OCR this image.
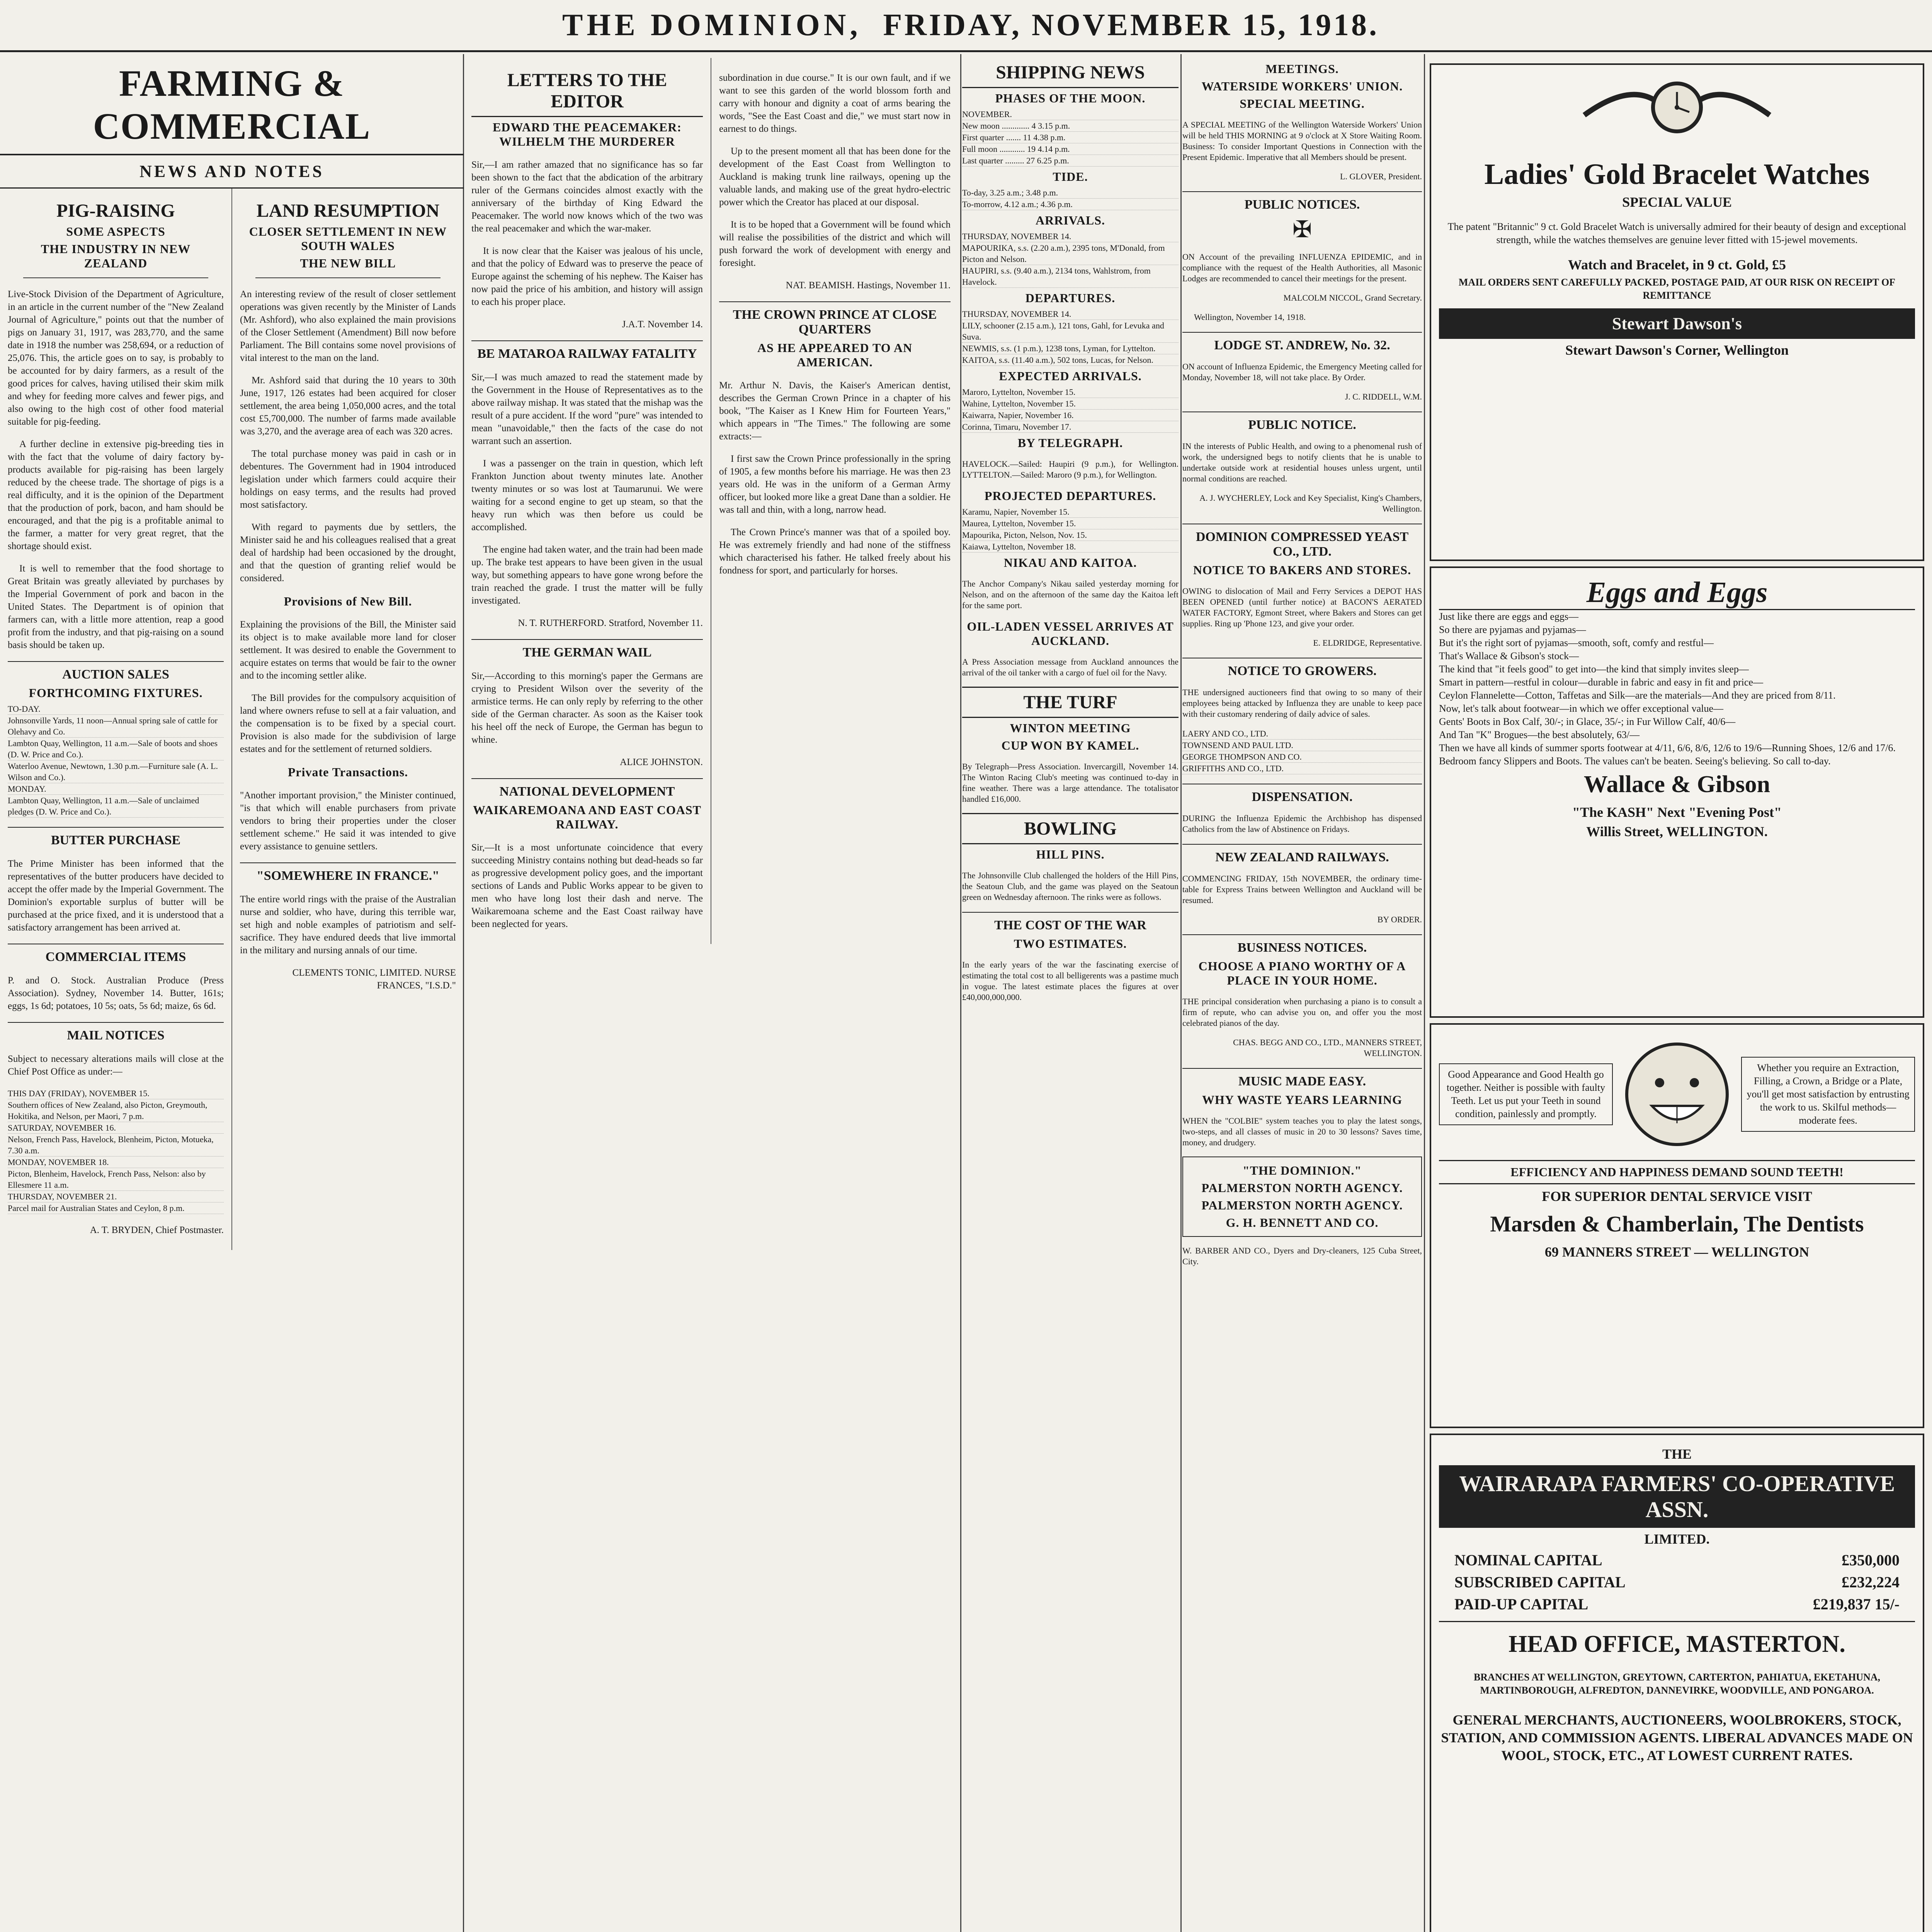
THE DOMINION, FRIDAY, NOVEMBER 15, 1918.
FARMING & COMMERCIAL
NEWS AND NOTES
PIG-RAISING
SOME ASPECTS
THE INDUSTRY IN NEW ZEALAND

Live-Stock Division of the Department of Agriculture, in an article in the current number of the "New Zealand Journal of Agriculture," points out that the number of pigs on January 31, 1917, was 283,770, and the same date in 1918 the number was 258,694, or a reduction of 25,076. This, the article goes on to say, is probably to be accounted for by dairy farmers, as a result of the good prices for calves, having utilised their skim milk and whey for feeding more calves and fewer pigs, and also owing to the high cost of other food material suitable for pig-feeding.

A further decline in extensive pig-breeding ties in with the fact that the volume of dairy factory by-products available for pig-raising has been largely reduced by the cheese trade. The shortage of pigs is a real difficulty, and it is the opinion of the Department that the production of pork, bacon, and ham should be encouraged, and that the pig is a profitable animal to the farmer, a matter for very great regret, that the shortage should exist.

It is well to remember that the food shortage to Great Britain was greatly alleviated by purchases by the Imperial Government of pork and bacon in the United States. The Department is of opinion that farmers can, with a little more attention, reap a good profit from the industry, and that pig-raising on a sound basis should be taken up.

AUCTION SALES
FORTHCOMING FIXTURES.
TO-DAY.
Johnsonville Yards, 11 noon—Annual spring sale of cattle for Olehavy and Co.
Lambton Quay, Wellington, 11 a.m.—Sale of boots and shoes (D. W. Price and Co.).
Waterloo Avenue, Newtown, 1.30 p.m.—Furniture sale (A. L. Wilson and Co.).
MONDAY.
Lambton Quay, Wellington, 11 a.m.—Sale of unclaimed pledges (D. W. Price and Co.).
BUTTER PURCHASE

The Prime Minister has been informed that the representatives of the butter producers have decided to accept the offer made by the Imperial Government. The Dominion's exportable surplus of butter will be purchased at the price fixed, and it is understood that a satisfactory arrangement has been arrived at.

COMMERCIAL ITEMS

P. and O. Stock. Australian Produce (Press Association). Sydney, November 14. Butter, 161s; eggs, 1s 6d; potatoes, 10 5s; oats, 5s 6d; maize, 6s 6d.

MAIL NOTICES

Subject to necessary alterations mails will close at the Chief Post Office as under:—

THIS DAY (FRIDAY), NOVEMBER 15.
Southern offices of New Zealand, also Picton, Greymouth, Hokitika, and Nelson, per Maori, 7 p.m.
SATURDAY, NOVEMBER 16.
Nelson, French Pass, Havelock, Blenheim, Picton, Motueka, 7.30 a.m.
MONDAY, NOVEMBER 18.
Picton, Blenheim, Havelock, French Pass, Nelson: also by Ellesmere 11 a.m.
THURSDAY, NOVEMBER 21.
Parcel mail for Australian States and Ceylon, 8 p.m.

A. T. BRYDEN, Chief Postmaster.

LAND RESUMPTION
CLOSER SETTLEMENT IN NEW SOUTH WALES
THE NEW BILL

An interesting review of the result of closer settlement operations was given recently by the Minister of Lands (Mr. Ashford), who also explained the main provisions of the Closer Settlement (Amendment) Bill now before Parliament. The Bill contains some novel provisions of vital interest to the man on the land.

Mr. Ashford said that during the 10 years to 30th June, 1917, 126 estates had been acquired for closer settlement, the area being 1,050,000 acres, and the total cost £5,700,000. The number of farms made available was 3,270, and the average area of each was 320 acres.

The total purchase money was paid in cash or in debentures. The Government had in 1904 introduced legislation under which farmers could acquire their holdings on easy terms, and the results had proved most satisfactory.

With regard to payments due by settlers, the Minister said he and his colleagues realised that a great deal of hardship had been occasioned by the drought, and that the question of granting relief would be considered.

Provisions of New Bill.

Explaining the provisions of the Bill, the Minister said its object is to make available more land for closer settlement. It was desired to enable the Government to acquire estates on terms that would be fair to the owner and to the incoming settler alike.

The Bill provides for the compulsory acquisition of land where owners refuse to sell at a fair valuation, and the compensation is to be fixed by a special court. Provision is also made for the subdivision of large estates and for the settlement of returned soldiers.

Private Transactions.

"Another important provision," the Minister continued, "is that which will enable purchasers from private vendors to bring their properties under the closer settlement scheme." He said it was intended to give every assistance to genuine settlers.

"SOMEWHERE IN FRANCE."

The entire world rings with the praise of the Australian nurse and soldier, who have, during this terrible war, set high and noble examples of patriotism and self-sacrifice. They have endured deeds that live immortal in the military and nursing annals of our time.

CLEMENTS TONIC, LIMITED. NURSE FRANCES, "I.S.D."

LETTERS TO THE EDITOR
EDWARD THE PEACEMAKER: WILHELM THE MURDERER

Sir,—I am rather amazed that no significance has so far been shown to the fact that the abdication of the arbitrary ruler of the Germans coincides almost exactly with the anniversary of the birthday of King Edward the Peacemaker. The world now knows which of the two was the real peacemaker and which the war-maker.

It is now clear that the Kaiser was jealous of his uncle, and that the policy of Edward was to preserve the peace of Europe against the scheming of his nephew. The Kaiser has now paid the price of his ambition, and history will assign to each his proper place.

J.A.T. November 14.

BE MATAROA RAILWAY FATALITY

Sir,—I was much amazed to read the statement made by the Government in the House of Representatives as to the above railway mishap. It was stated that the mishap was the result of a pure accident. If the word "pure" was intended to mean "unavoidable," then the facts of the case do not warrant such an assertion.

I was a passenger on the train in question, which left Frankton Junction about twenty minutes late. Another twenty minutes or so was lost at Taumarunui. We were waiting for a second engine to get up steam, so that the heavy run which was then before us could be accomplished.

The engine had taken water, and the train had been made up. The brake test appears to have been given in the usual way, but something appears to have gone wrong before the train reached the grade. I trust the matter will be fully investigated.

N. T. RUTHERFORD. Stratford, November 11.

THE GERMAN WAIL

Sir,—According to this morning's paper the Germans are crying to President Wilson over the severity of the armistice terms. He can only reply by referring to the other side of the German character. As soon as the Kaiser took his heel off the neck of Europe, the German has begun to whine.

ALICE JOHNSTON.

NATIONAL DEVELOPMENT
WAIKAREMOANA AND EAST COAST RAILWAY.

Sir,—It is a most unfortunate coincidence that every succeeding Ministry contains nothing but dead-heads so far as progressive development policy goes, and the important sections of Lands and Public Works appear to be given to men who have long lost their dash and nerve. The Waikaremoana scheme and the East Coast railway have been neglected for years.

subordination in due course." It is our own fault, and if we want to see this garden of the world blossom forth and carry with honour and dignity a coat of arms bearing the words, "See the East Coast and die," we must start now in earnest to do things.

Up to the present moment all that has been done for the development of the East Coast from Wellington to Auckland is making trunk line railways, opening up the valuable lands, and making use of the great hydro-electric power which the Creator has placed at our disposal.

It is to be hoped that a Government will be found which will realise the possibilities of the district and which will push forward the work of development with energy and foresight.

NAT. BEAMISH. Hastings, November 11.

THE CROWN PRINCE AT CLOSE QUARTERS
AS HE APPEARED TO AN AMERICAN.

Mr. Arthur N. Davis, the Kaiser's American dentist, describes the German Crown Prince in a chapter of his book, "The Kaiser as I Knew Him for Fourteen Years," which appears in "The Times." The following are some extracts:—

I first saw the Crown Prince professionally in the spring of 1905, a few months before his marriage. He was then 23 years old. He was in the uniform of a German Army officer, but looked more like a great Dane than a soldier. He was tall and thin, with a long, narrow head.

The Crown Prince's manner was that of a spoiled boy. He was extremely friendly and had none of the stiffness which characterised his father. He talked freely about his fondness for sport, and particularly for horses.

SHIPPING NEWS
PHASES OF THE MOON.
NOVEMBER.
New moon ............. 4 3.15 p.m.
First quarter ....... 11 4.38 p.m.
Full moon ............ 19 4.14 p.m.
Last quarter ......... 27 6.25 p.m.
TIDE.
To-day, 3.25 a.m.; 3.48 p.m.
To-morrow, 4.12 a.m.; 4.36 p.m.
ARRIVALS.
THURSDAY, NOVEMBER 14.
MAPOURIKA, s.s. (2.20 a.m.), 2395 tons, M'Donald, from Picton and Nelson.
HAUPIRI, s.s. (9.40 a.m.), 2134 tons, Wahlstrom, from Havelock.
DEPARTURES.
THURSDAY, NOVEMBER 14.
LILY, schooner (2.15 a.m.), 121 tons, Gahl, for Levuka and Suva.
NEWMIS, s.s. (1 p.m.), 1238 tons, Lyman, for Lyttelton.
KAITOA, s.s. (11.40 a.m.), 502 tons, Lucas, for Nelson.
EXPECTED ARRIVALS.
Maroro, Lyttelton, November 15.
Wahine, Lyttelton, November 15.
Kaiwarra, Napier, November 16.
Corinna, Timaru, November 17.
BY TELEGRAPH.

HAVELOCK.—Sailed: Haupiri (9 p.m.), for Wellington. LYTTELTON.—Sailed: Maroro (9 p.m.), for Wellington.

PROJECTED DEPARTURES.
Karamu, Napier, November 15.
Maurea, Lyttelton, November 15.
Mapourika, Picton, Nelson, Nov. 15.
Kaiawa, Lyttelton, November 18.
NIKAU AND KAITOA.

The Anchor Company's Nikau sailed yesterday morning for Nelson, and on the afternoon of the same day the Kaitoa left for the same port.

OIL-LADEN VESSEL ARRIVES AT AUCKLAND.

A Press Association message from Auckland announces the arrival of the oil tanker with a cargo of fuel oil for the Navy.

THE TURF
WINTON MEETING
CUP WON BY KAMEL.

By Telegraph—Press Association. Invercargill, November 14. The Winton Racing Club's meeting was continued to-day in fine weather. There was a large attendance. The totalisator handled £16,000.

BOWLING
HILL PINS.

The Johnsonville Club challenged the holders of the Hill Pins, the Seatoun Club, and the game was played on the Seatoun green on Wednesday afternoon. The rinks were as follows.

THE COST OF THE WAR
TWO ESTIMATES.

In the early years of the war the fascinating exercise of estimating the total cost to all belligerents was a pastime much in vogue. The latest estimate places the figures at over £40,000,000,000.

MEETINGS.
WATERSIDE WORKERS' UNION.
SPECIAL MEETING.

A SPECIAL MEETING of the Wellington Waterside Workers' Union will be held THIS MORNING at 9 o'clock at X Store Waiting Room. Business: To consider Important Questions in Connection with the Present Epidemic. Imperative that all Members should be present.

L. GLOVER, President.

PUBLIC NOTICES.
✠

ON Account of the prevailing INFLUENZA EPIDEMIC, and in compliance with the request of the Health Authorities, all Masonic Lodges are recommended to cancel their meetings for the present.

MALCOLM NICCOL, Grand Secretary.

Wellington, November 14, 1918.

LODGE ST. ANDREW, No. 32.

ON account of Influenza Epidemic, the Emergency Meeting called for Monday, November 18, will not take place. By Order.

J. C. RIDDELL, W.M.

PUBLIC NOTICE.

IN the interests of Public Health, and owing to a phenomenal rush of work, the undersigned begs to notify clients that he is unable to undertake outside work at residential houses unless urgent, until normal conditions are reached.

A. J. WYCHERLEY, Lock and Key Specialist, King's Chambers, Wellington.

DOMINION COMPRESSED YEAST CO., LTD.
NOTICE TO BAKERS AND STORES.

OWING to dislocation of Mail and Ferry Services a DEPOT HAS BEEN OPENED (until further notice) at BACON'S AERATED WATER FACTORY, Egmont Street, where Bakers and Stores can get supplies. Ring up 'Phone 123, and give your order.

E. ELDRIDGE, Representative.

NOTICE TO GROWERS.

THE undersigned auctioneers find that owing to so many of their employees being attacked by Influenza they are unable to keep pace with their customary rendering of daily advice of sales.

LAERY AND CO., LTD.
TOWNSEND AND PAUL LTD.
GEORGE THOMPSON AND CO.
GRIFFITHS AND CO., LTD.
DISPENSATION.

DURING the Influenza Epidemic the Archbishop has dispensed Catholics from the law of Abstinence on Fridays.

NEW ZEALAND RAILWAYS.

COMMENCING FRIDAY, 15th NOVEMBER, the ordinary time-table for Express Trains between Wellington and Auckland will be resumed.

BY ORDER.

BUSINESS NOTICES.
CHOOSE A PIANO WORTHY OF A PLACE IN YOUR HOME.

THE principal consideration when purchasing a piano is to consult a firm of repute, who can advise you on, and offer you the most celebrated pianos of the day.

CHAS. BEGG AND CO., LTD., MANNERS STREET, WELLINGTON.

MUSIC MADE EASY.
WHY WASTE YEARS LEARNING

WHEN the "COLBIE" system teaches you to play the latest songs, two-steps, and all classes of music in 20 to 30 lessons? Saves time, money, and drudgery.

"THE DOMINION."
PALMERSTON NORTH AGENCY.
PALMERSTON NORTH AGENCY.
G. H. BENNETT AND CO.

W. BARBER AND CO., Dyers and Dry-cleaners, 125 Cuba Street, City.

Ladies' Gold Bracelet Watches
SPECIAL VALUE

The patent "Britannic" 9 ct. Gold Bracelet Watch is universally admired for their beauty of design and exceptional strength, while the watches themselves are genuine lever fitted with 15-jewel movements.

Watch and Bracelet, in 9 ct. Gold, £5
MAIL ORDERS SENT CAREFULLY PACKED, POSTAGE PAID, AT OUR RISK ON RECEIPT OF REMITTANCE
Stewart Dawson's
Stewart Dawson's Corner, Wellington
Eggs and Eggs
Just like there are eggs and eggs—
So there are pyjamas and pyjamas—
But it's the right sort of pyjamas—smooth, soft, comfy and restful—
That's Wallace & Gibson's stock—
The kind that "it feels good" to get into—the kind that simply invites sleep—
Smart in pattern—restful in colour—durable in fabric and easy in fit and price—
Ceylon Flannelette—Cotton, Taffetas and Silk—are the materials—And they are priced from 8/11.
Now, let's talk about footwear—in which we offer exceptional value—
Gents' Boots in Box Calf, 30/-; in Glace, 35/-; in Fur Willow Calf, 40/6—
And Tan "K" Brogues—the best absolutely, 63/—
Then we have all kinds of summer sports footwear at 4/11, 6/6, 8/6, 12/6 to 19/6—Running Shoes, 12/6 and 17/6.
Bedroom fancy Slippers and Boots. The values can't be beaten. Seeing's believing. So call to-day.
Wallace & Gibson
"The KASH" Next "Evening Post"
Willis Street, WELLINGTON.

Good Appearance and Good Health go together. Neither is possible with faulty Teeth. Let us put your Teeth in sound condition, painlessly and promptly.

Whether you require an Extraction, Filling, a Crown, a Bridge or a Plate, you'll get most satisfaction by entrusting the work to us. Skilful methods—moderate fees.

EFFICIENCY AND HAPPINESS DEMAND SOUND TEETH!
FOR SUPERIOR DENTAL SERVICE VISIT
Marsden & Chamberlain, The Dentists
69 MANNERS STREET — WELLINGTON
THE
WAIRARAPA FARMERS' CO-OPERATIVE ASSN.
LIMITED.
NOMINAL CAPITAL	£350,000
SUBSCRIBED CAPITAL	£232,224
PAID-UP CAPITAL	£219,837 15/-
HEAD OFFICE, MASTERTON.

BRANCHES AT WELLINGTON, GREYTOWN, CARTERTON, PAHIATUA, EKETAHUNA, MARTINBOROUGH, ALFREDTON, DANNEVIRKE, WOODVILLE, AND PONGAROA.

GENERAL MERCHANTS, AUCTIONEERS, WOOLBROKERS, STOCK, STATION, AND COMMISSION AGENTS. LIBERAL ADVANCES MADE ON WOOL, STOCK, ETC., AT LOWEST CURRENT RATES.
